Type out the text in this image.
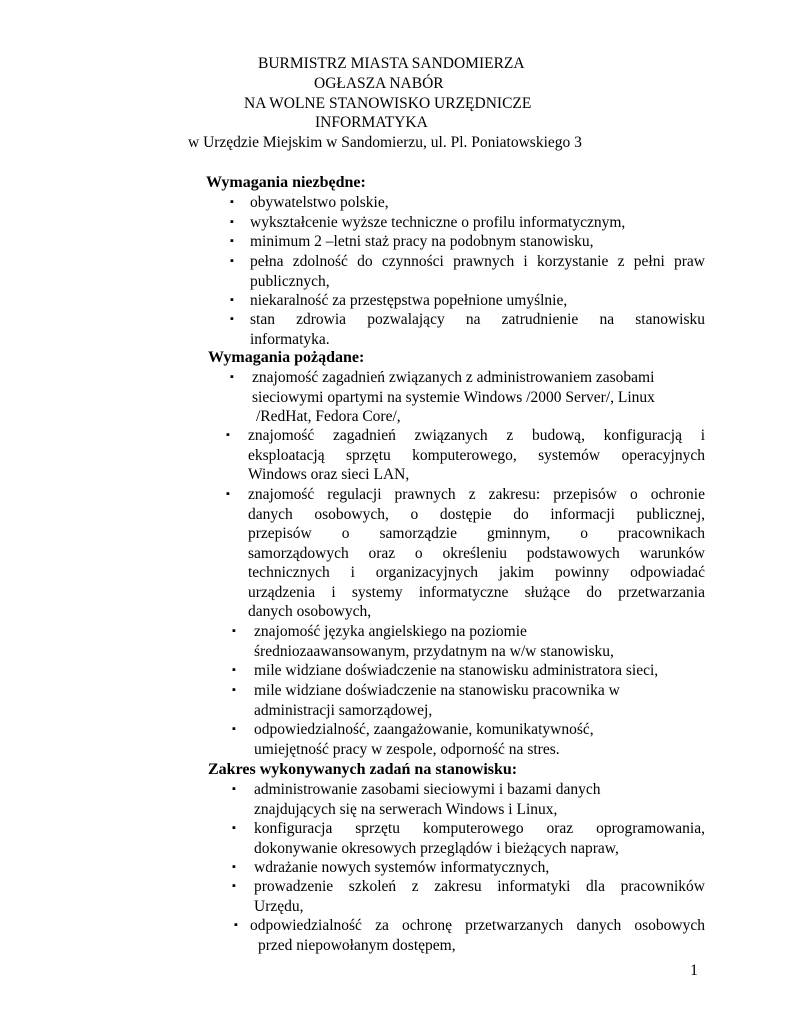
BURMISTRZ MIASTA SANDOMIERZA
OGŁASZA NABÓR
NA WOLNE STANOWISKO URZĘDNICZE
INFORMATYKA
w Urzędzie Miejskim w Sandomierzu, ul. Pl. Poniatowskiego 3
Wymagania niezbędne:
▪ obywatelstwo polskie,
▪ wykształcenie wyższe techniczne o profilu informatycznym,
▪ minimum 2 –letni staż pracy na podobnym stanowisku,
▪ pełna zdolność do czynności prawnych i korzystanie z pełni praw
publicznych,
▪ niekaralność za przestępstwa popełnione umyślnie,
▪ stan zdrowia pozwalający na zatrudnienie na stanowisku
informatyka.
Wymagania pożądane:
▪ znajomość zagadnień związanych z administrowaniem zasobami
sieciowymi opartymi na systemie Windows /2000 Server/, Linux
/RedHat, Fedora Core/,
▪ znajomość zagadnień związanych z budową, konfiguracją i
eksploatacją sprzętu komputerowego, systemów operacyjnych
Windows oraz sieci LAN,
▪ znajomość regulacji prawnych z zakresu: przepisów o ochronie
danych osobowych, o dostępie do informacji publicznej,
przepisów o samorządzie gminnym, o pracownikach
samorządowych oraz o określeniu podstawowych warunków
technicznych i organizacyjnych jakim powinny odpowiadać
urządzenia i systemy informatyczne służące do przetwarzania
danych osobowych,
▪ znajomość języka angielskiego na poziomie
średniozaawansowanym, przydatnym na w/w stanowisku,
▪ mile widziane doświadczenie na stanowisku administratora sieci,
▪ mile widziane doświadczenie na stanowisku pracownika w
administracji samorządowej,
▪ odpowiedzialność, zaangażowanie, komunikatywność,
umiejętność pracy w zespole, odporność na stres.
Zakres wykonywanych zadań na stanowisku:
▪ administrowanie zasobami sieciowymi i bazami danych
znajdujących się na serwerach Windows i Linux,
▪ konfiguracja sprzętu komputerowego oraz oprogramowania,
dokonywanie okresowych przeglądów i bieżących napraw,
▪ wdrażanie nowych systemów informatycznych,
▪ prowadzenie szkoleń z zakresu informatyki dla pracowników
Urzędu,
▪ odpowiedzialność za ochronę przetwarzanych danych osobowych
przed niepowołanym dostępem,
1
